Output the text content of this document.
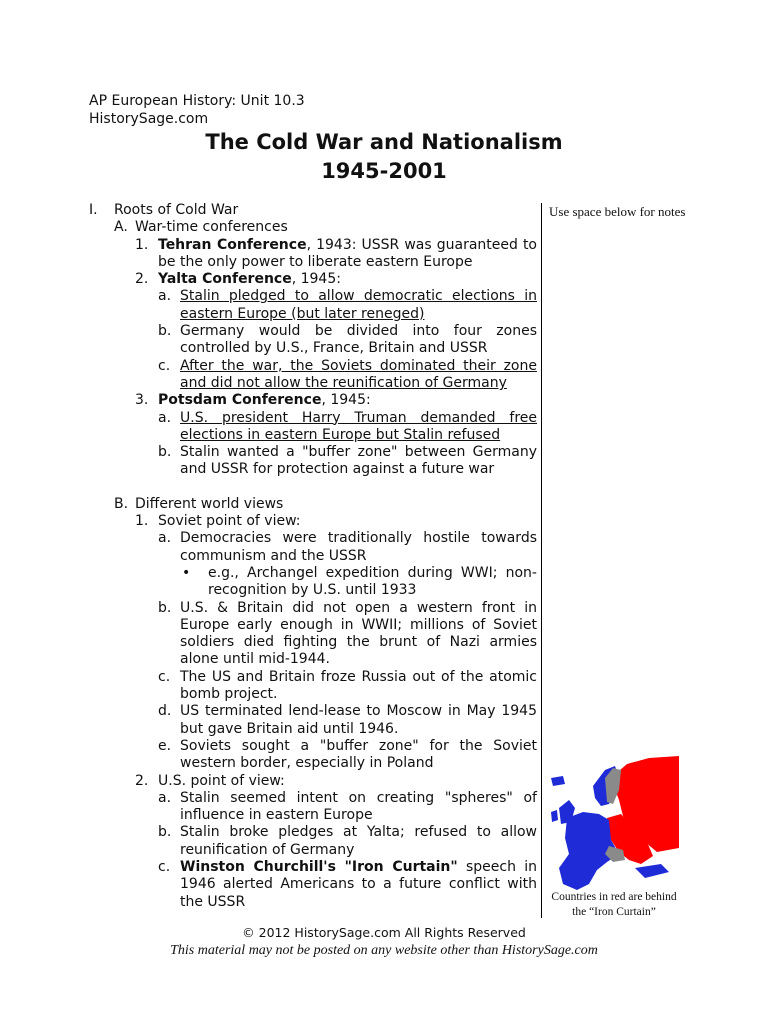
AP European History: Unit 10.3
HistorySage.com
The Cold War and Nationalism
1945-2001
I.	Roots of Cold War
A. War-time conferences
1. Tehran Conference, 1943: USSR was guaranteed to be the only power to liberate eastern Europe
2. Yalta Conference, 1945:
a. Stalin pledged to allow democratic elections in eastern Europe (but later reneged)
b. Germany would be divided into four zones controlled by U.S., France, Britain and USSR
c. After the war, the Soviets dominated their zone and did not allow the reunification of Germany
3. Potsdam Conference, 1945:
a. U.S. president Harry Truman demanded free elections in eastern Europe but Stalin refused
b. Stalin wanted a "buffer zone" between Germany and USSR for protection against a future war
B. Different world views
1. Soviet point of view:
a. Democracies were traditionally hostile towards communism and the USSR
•	e.g., Archangel expedition during WWI; non-recognition by U.S. until 1933
b. U.S. & Britain did not open a western front in Europe early enough in WWII; millions of Soviet soldiers died fighting the brunt of Nazi armies alone until mid-1944.
c. The US and Britain froze Russia out of the atomic bomb project.
d. US terminated lend-lease to Moscow in May 1945 but gave Britain aid until 1946.
e. Soviets sought a "buffer zone" for the Soviet western border, especially in Poland
2. U.S. point of view:
a. Stalin seemed intent on creating "spheres" of influence in eastern Europe
b. Stalin broke pledges at Yalta; refused to allow reunification of Germany
c. Winston Churchill's "Iron Curtain" speech in 1946 alerted Americans to a future conflict with the USSR
Use space below for notes
Countries in red are behind the “Iron Curtain”
© 2012 HistorySage.com All Rights Reserved
This material may not be posted on any website other than HistorySage.com
